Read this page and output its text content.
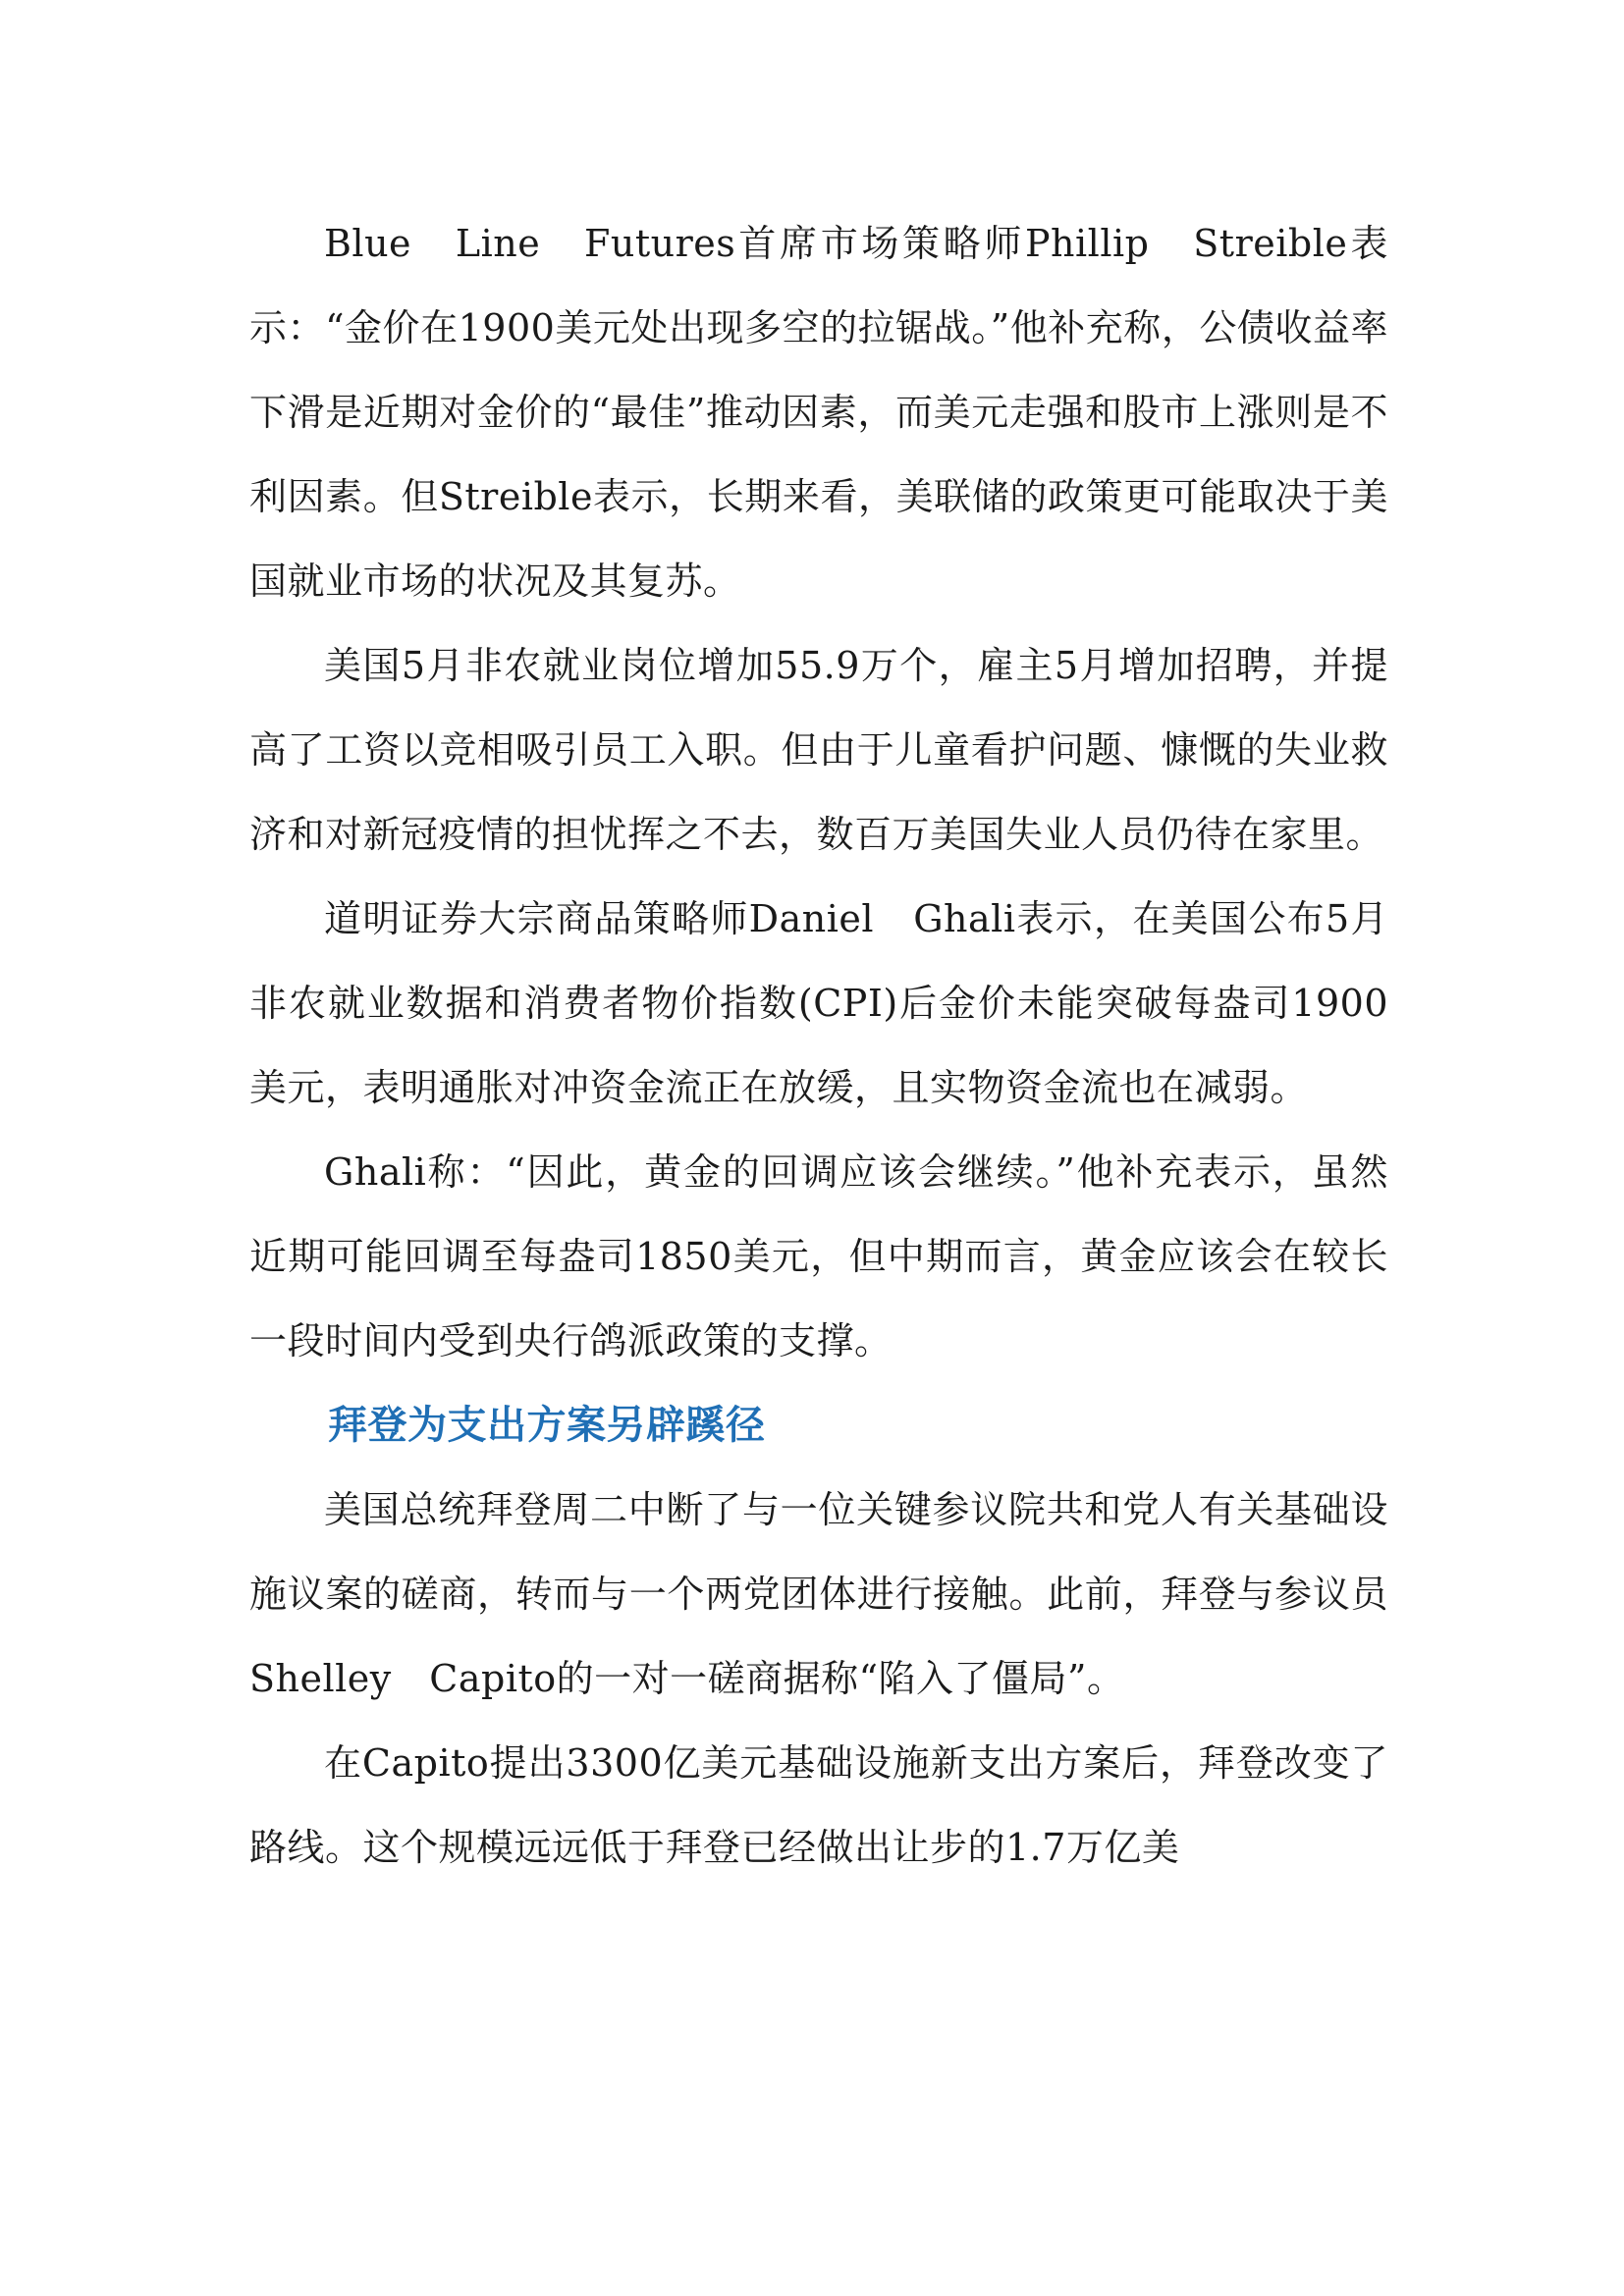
Blue　Line　Futures首席市场策略师Phillip　Streible表示：“金价在1900美元处出现多空的拉锯战。”他补充称，公债收益率下滑是近期对金价的“最佳”推动因素，而美元走强和股市上涨则是不利因素。但Streible表示，长期来看，美联储的政策更可能取决于美国就业市场的状况及其复苏。

美国5月非农就业岗位增加55.9万个，雇主5月增加招聘，并提高了工资以竞相吸引员工入职。但由于儿童看护问题、慷慨的失业救济和对新冠疫情的担忧挥之不去，数百万美国失业人员仍待在家里。

道明证券大宗商品策略师Daniel　Ghali表示，在美国公布5月非农就业数据和消费者物价指数(CPI)后金价未能突破每盎司1900美元，表明通胀对冲资金流正在放缓，且实物资金流也在减弱。

Ghali称：“因此，黄金的回调应该会继续。”他补充表示，虽然近期可能回调至每盎司1850美元，但中期而言，黄金应该会在较长一段时间内受到央行鸽派政策的支撑。

拜登为支出方案另辟蹊径

美国总统拜登周二中断了与一位关键参议院共和党人有关基础设施议案的磋商，转而与一个两党团体进行接触。此前，拜登与参议员Shelley　Capito的一对一磋商据称“陷入了僵局”。

在Capito提出3300亿美元基础设施新支出方案后，拜登改变了路线。这个规模远远低于拜登已经做出让步的1.7万亿美
